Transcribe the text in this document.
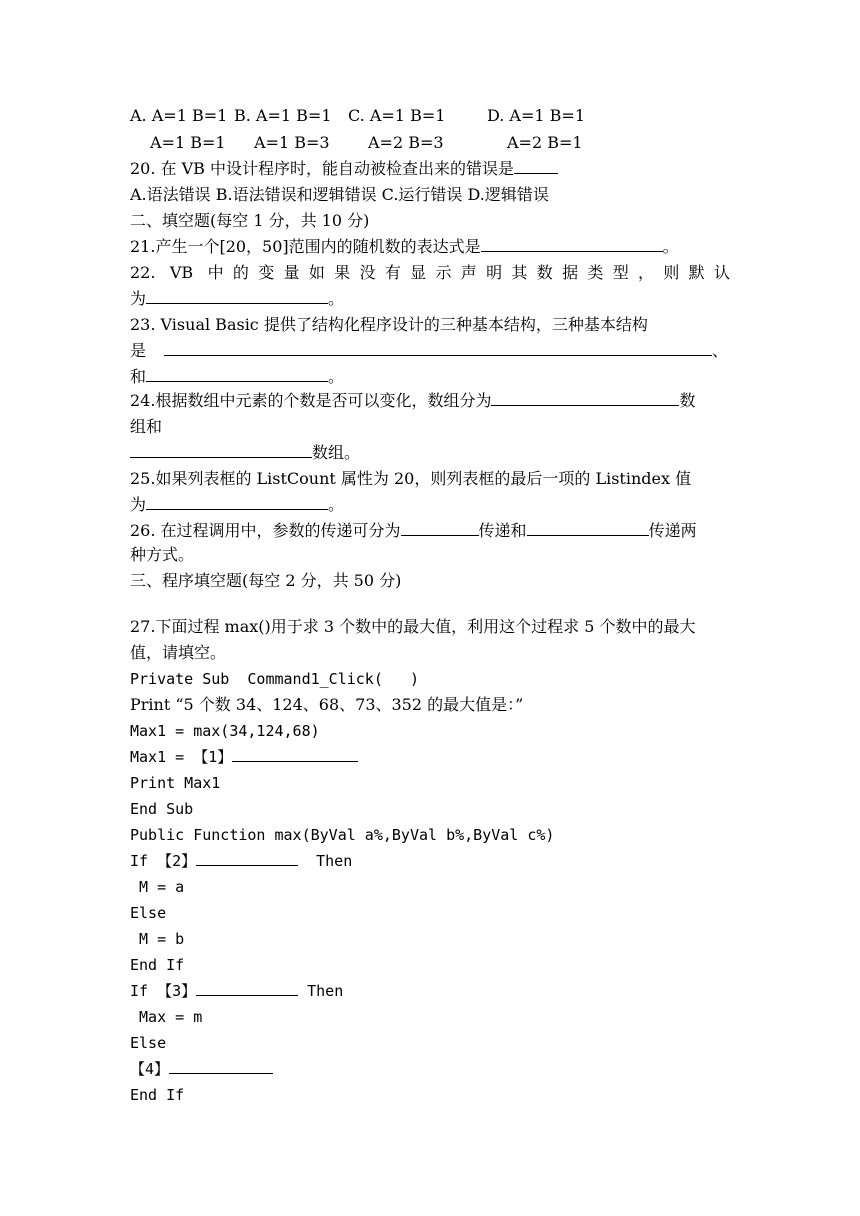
A. A=1 B=1 B. A=1 B=1 C. A=1 B=1	D. A=1 B=1
A=1 B=1 A=1 B=3 A=2 B=3	A=2 B=1
20. 在 VB 中设计程序时，能自动被检查出来的错误是
A.语法错误 B.语法错误和逻辑错误 C.运行错误 D.逻辑错误
二、填空题(每空 1 分，共 10 分)
21.产生一个[20，50]范围内的随机数的表达式是	。
22. VB 中的变量如果没有显示声明其数据类型，则默认
为	。
23. Visual Basic 提供了结构化程序设计的三种基本结构，三种基本结构
是	、
和	。
24.根据数组中元素的个数是否可以变化，数组分为	数
组和
数组。
25.如果列表框的 ListCount 属性为 20，则列表框的最后一项的 Listindex 值
为	。
26. 在过程调用中，参数的传递可分为	传递和	传递两
种方式。
三、程序填空题(每空 2 分，共 50 分)
27.下面过程 max()用于求 3 个数中的最大值，利用这个过程求 5 个数中的最大
值，请填空。
Private Sub  Command1_Click(   )
Print “5 个数 34、124、68、73、352 的最大值是：”
Max1 = max(34,124,68)
Max1 = 【1】
Print Max1
End Sub
Public Function max(ByVal a%,ByVal b%,ByVal c%)
If 【2】	Then
M = a
Else
M = b
End If
If 【3】	Then
Max = m
Else
【4】
End If
